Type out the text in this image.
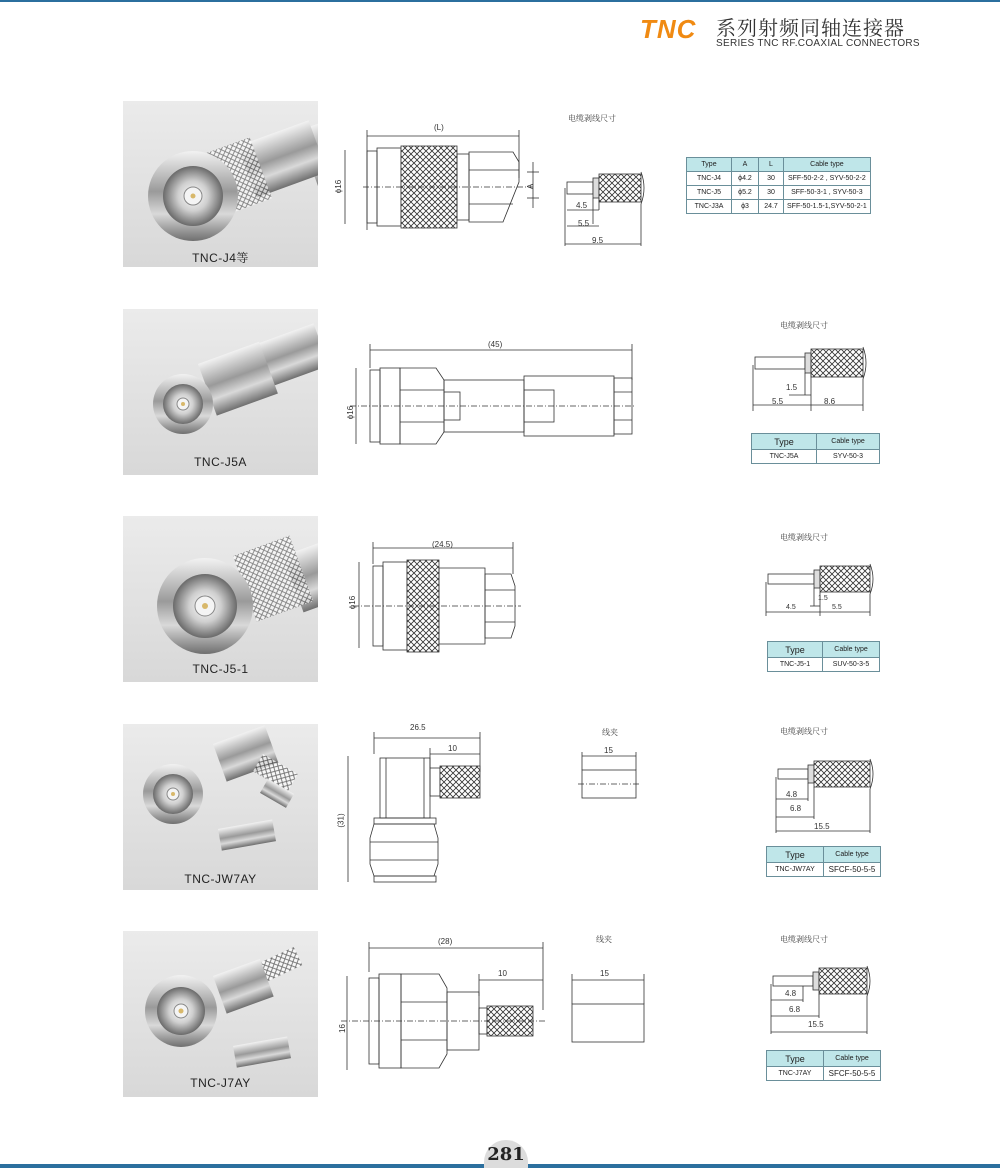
TNC 系列射频同轴连接器
SERIES TNC RF.COAXIAL CONNECTORS
TNC-J4等
(L)
ϕ16	A
电缆剥线尺寸
4.5
5.5
9.5
Type	A	L	Cable type
TNC-J4	ϕ4.2	30	SFF-50-2-2 , SYV-50-2-2
TNC-J5	ϕ5.2	30	SFF-50-3-1 , SYV-50-3
TNC-J3A	ϕ3	24.7	SFF-50-1.5-1,SYV-50-2-1
TNC-J5A
(45)
ϕ16
电缆剥线尺寸
1.5
5.5	8.6
Type	Cable type
TNC-J5A	SYV-50-3
TNC-J5-1
(24.5)
ϕ16
电缆剥线尺寸
1.5
4.5	5.5
Type	Cable type
TNC-J5-1	SUV-50-3-5
TNC-JW7AY
26.5
10
(31)
线夹
15
电缆剥线尺寸
4.8
6.8
15.5
Type	Cable type
TNC-JW7AY	SFCF-50-5-5
TNC-J7AY
(28)
10
16
线夹
15
电缆剥线尺寸
4.8
6.8
15.5
Type	Cable type
TNC-J7AY	SFCF-50-5-5
281
